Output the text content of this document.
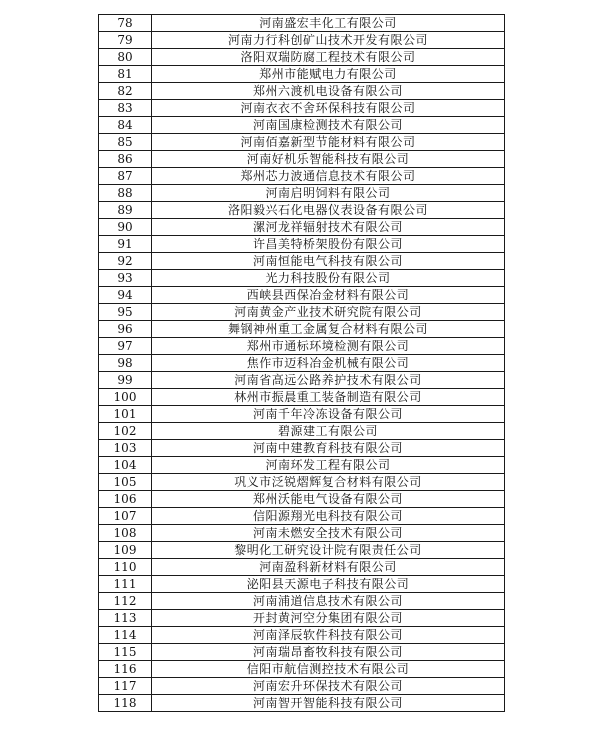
78	河南盛宏丰化工有限公司
79	河南力行科创矿山技术开发有限公司
80	洛阳双瑞防腐工程技术有限公司
81	郑州市能赋电力有限公司
82	郑州六渡机电设备有限公司
83	河南衣衣不舍环保科技有限公司
84	河南国康检测技术有限公司
85	河南佰嘉新型节能材料有限公司
86	河南好机乐智能科技有限公司
87	郑州芯力波通信息技术有限公司
88	河南启明饲料有限公司
89	洛阳毅兴石化电器仪表设备有限公司
90	漯河龙祥辐射技术有限公司
91	许昌美特桥架股份有限公司
92	河南恒能电气科技有限公司
93	光力科技股份有限公司
94	西峡县西保冶金材料有限公司
95	河南黄金产业技术研究院有限公司
96	舞钢神州重工金属复合材料有限公司
97	郑州市通标环境检测有限公司
98	焦作市迈科冶金机械有限公司
99	河南省高远公路养护技术有限公司
100	林州市振晨重工装备制造有限公司
101	河南千年冷冻设备有限公司
102	碧源建工有限公司
103	河南中建教育科技有限公司
104	河南环发工程有限公司
105	巩义市泛锐熠辉复合材料有限公司
106	郑州沃能电气设备有限公司
107	信阳源翔光电科技有限公司
108	河南未燃安全技术有限公司
109	黎明化工研究设计院有限责任公司
110	河南盈科新材料有限公司
111	泌阳县天源电子科技有限公司
112	河南浦道信息技术有限公司
113	开封黄河空分集团有限公司
114	河南泽辰软件科技有限公司
115	河南瑞昂畜牧科技有限公司
116	信阳市航信测控技术有限公司
117	河南宏升环保技术有限公司
118	河南智开智能科技有限公司
